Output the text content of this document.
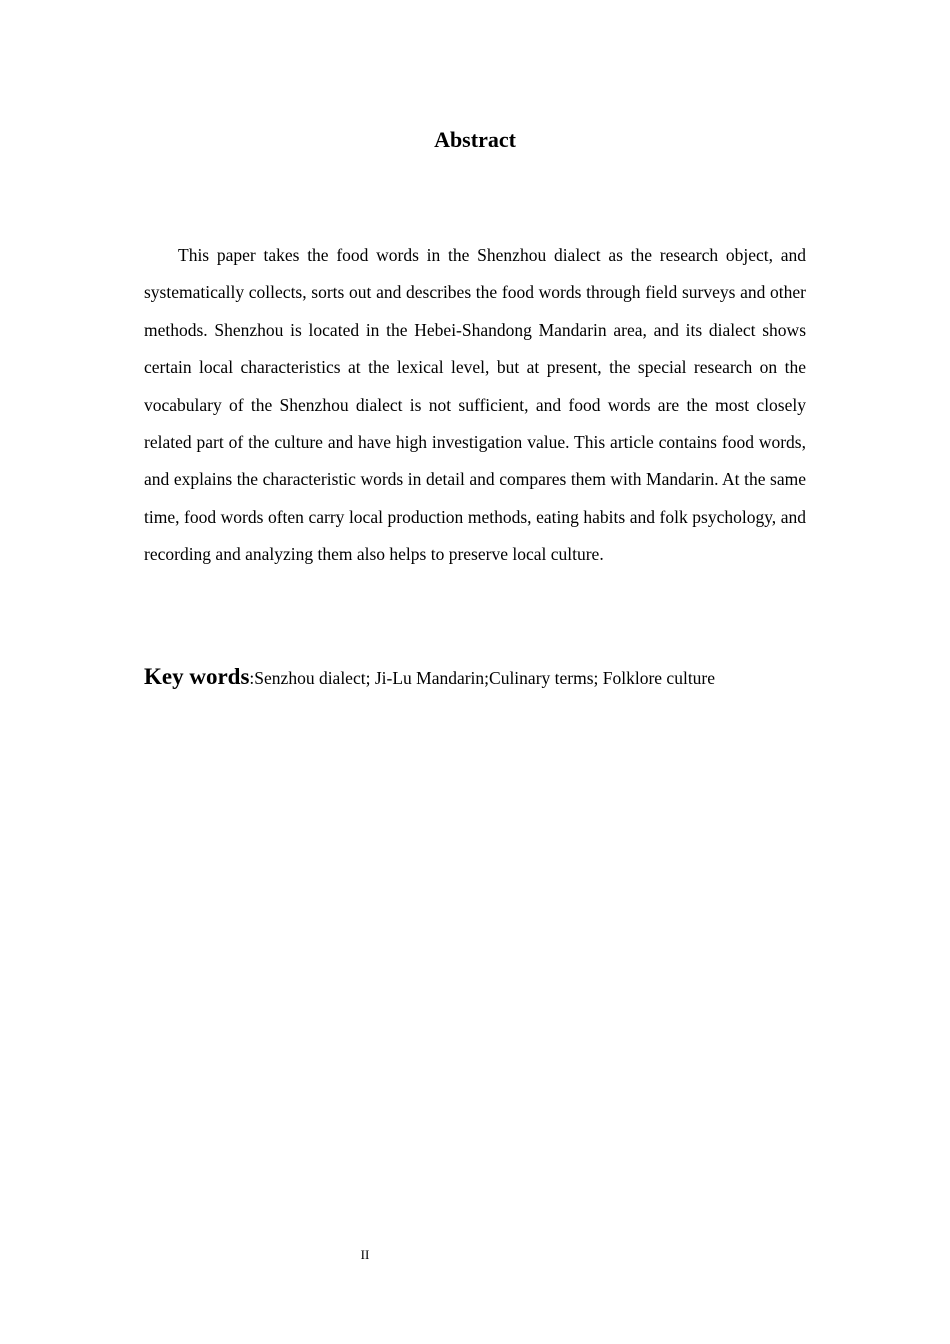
Abstract

This paper takes the food words in the Shenzhou dialect as the research object, and systematically collects, sorts out and describes the food words through field surveys and other methods. Shenzhou is located in the Hebei-Shandong Mandarin area, and its dialect shows certain local characteristics at the lexical level, but at present, the special research on the vocabulary of the Shenzhou dialect is not sufficient, and food words are the most closely related part of the culture and have high investigation value. This article contains food words, and explains the characteristic words in detail and compares them with Mandarin. At the same time, food words often carry local production methods, eating habits and folk psychology, and recording and analyzing them also helps to preserve local culture.

Key words:Senzhou dialect; Ji-Lu Mandarin;Culinary terms; Folklore culture

II
